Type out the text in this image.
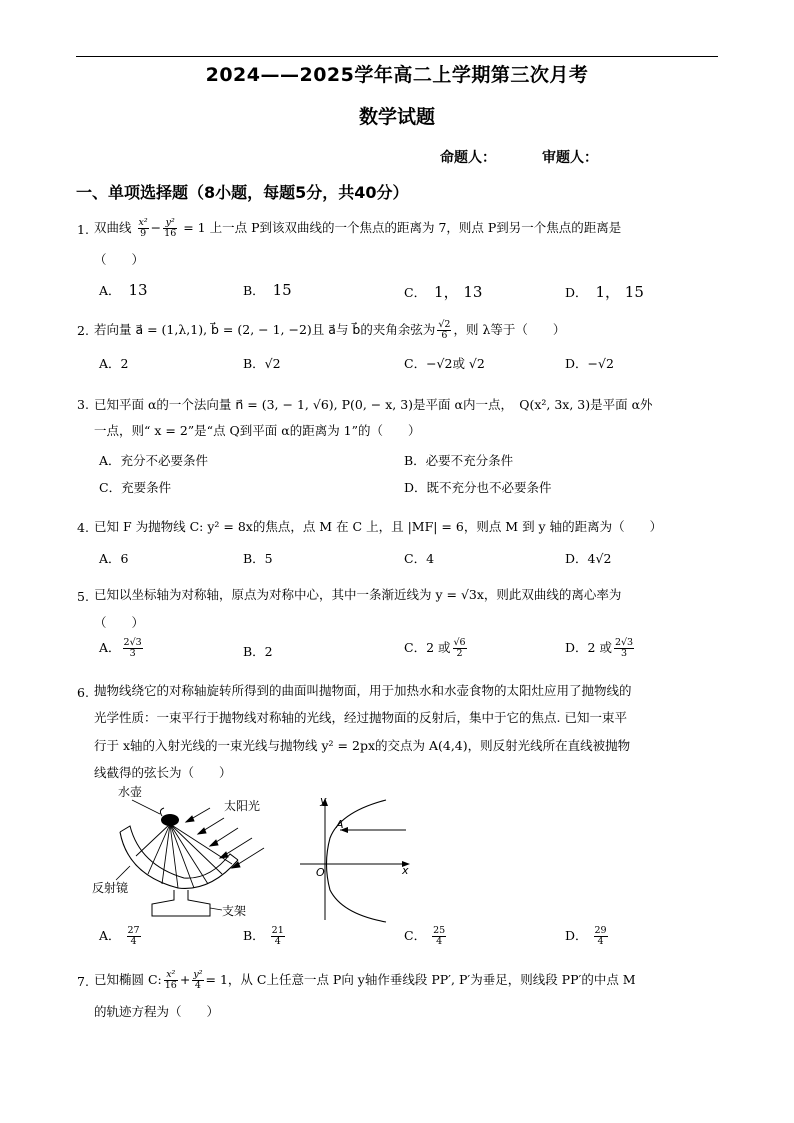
2024——2025学年高二上学期第三次月考
数学试题
命题人：	审题人：
一、单项选择题（8小题，每题5分，共40分）
1. 双曲线 $\frac{\text{x²}}{9} - \frac{\text{y²}}{16} = 1$ 上一点 P到该双曲线的一个焦点的距离为 7，则点 P到另一个焦点的距离是
（　　）
A． 13	B． 15	C． 1， 13	D． 1， 15
2. 若向量 a⃗ = (1,λ,1), b⃗ = (2, − 1, −2)且 a⃗与 b⃗的夹角余弦为 $\frac{√2}{6}$ ，则 λ等于（　　）
A．2	B．√2	C．−√2或 √2	D．−√2
3. 已知平面 α的一个法向量 n⃗ = (3, − 1, √6), P(0, − x, 3)是平面 α内一点，　Q(x², 3x, 3)是平面 α外
一点，则“ x = 2”是“点 Q到平面 α的距离为 1”的（　　）
A．充分不必要条件	B．必要不充分条件
C．充要条件	D．既不充分也不必要条件
4. 已知 F 为抛物线 C: y² = 8x的焦点，点 M 在 C 上，且 |MF| = 6，则点 M 到 y 轴的距离为（　　）
A．6	B．5	C．4	D．4√2
5. 已知以坐标轴为对称轴，原点为对称中心，其中一条渐近线为 y = √3x，则此双曲线的离心率为
（　　）
A． $\frac{2√3}{3}$	B．2	C．2 或 $\frac{√6}{2}$	D．2 或 $\frac{2√3}{3}$
6. 抛物线绕它的对称轴旋转所得到的曲面叫抛物面，用于加热水和水壶食物的太阳灶应用了抛物线的
光学性质：一束平行于抛物线对称轴的光线，经过抛物面的反射后，集中于它的焦点. 已知一束平
行于 x轴的入射光线的一束光线与抛物线 y² = 2px的交点为 A(4,4)，则反射光线所在直线被抛物
线截得的弦长为（　　）
水壶
太阳光
反射镜
支架
y
x
O
A
A． $\frac{27}{4}$	B． $\frac{21}{4}$	C． $\frac{25}{4}$	D． $\frac{29}{4}$
7. 已知椭圆 C: $\frac{\text{x²}}{16} + \frac{\text{y²}}{4} = 1$，从 C上任意一点 P向 y轴作垂线段 PP′, P′为垂足，则线段 PP′的中点 M
的轨迹方程为（　　）
